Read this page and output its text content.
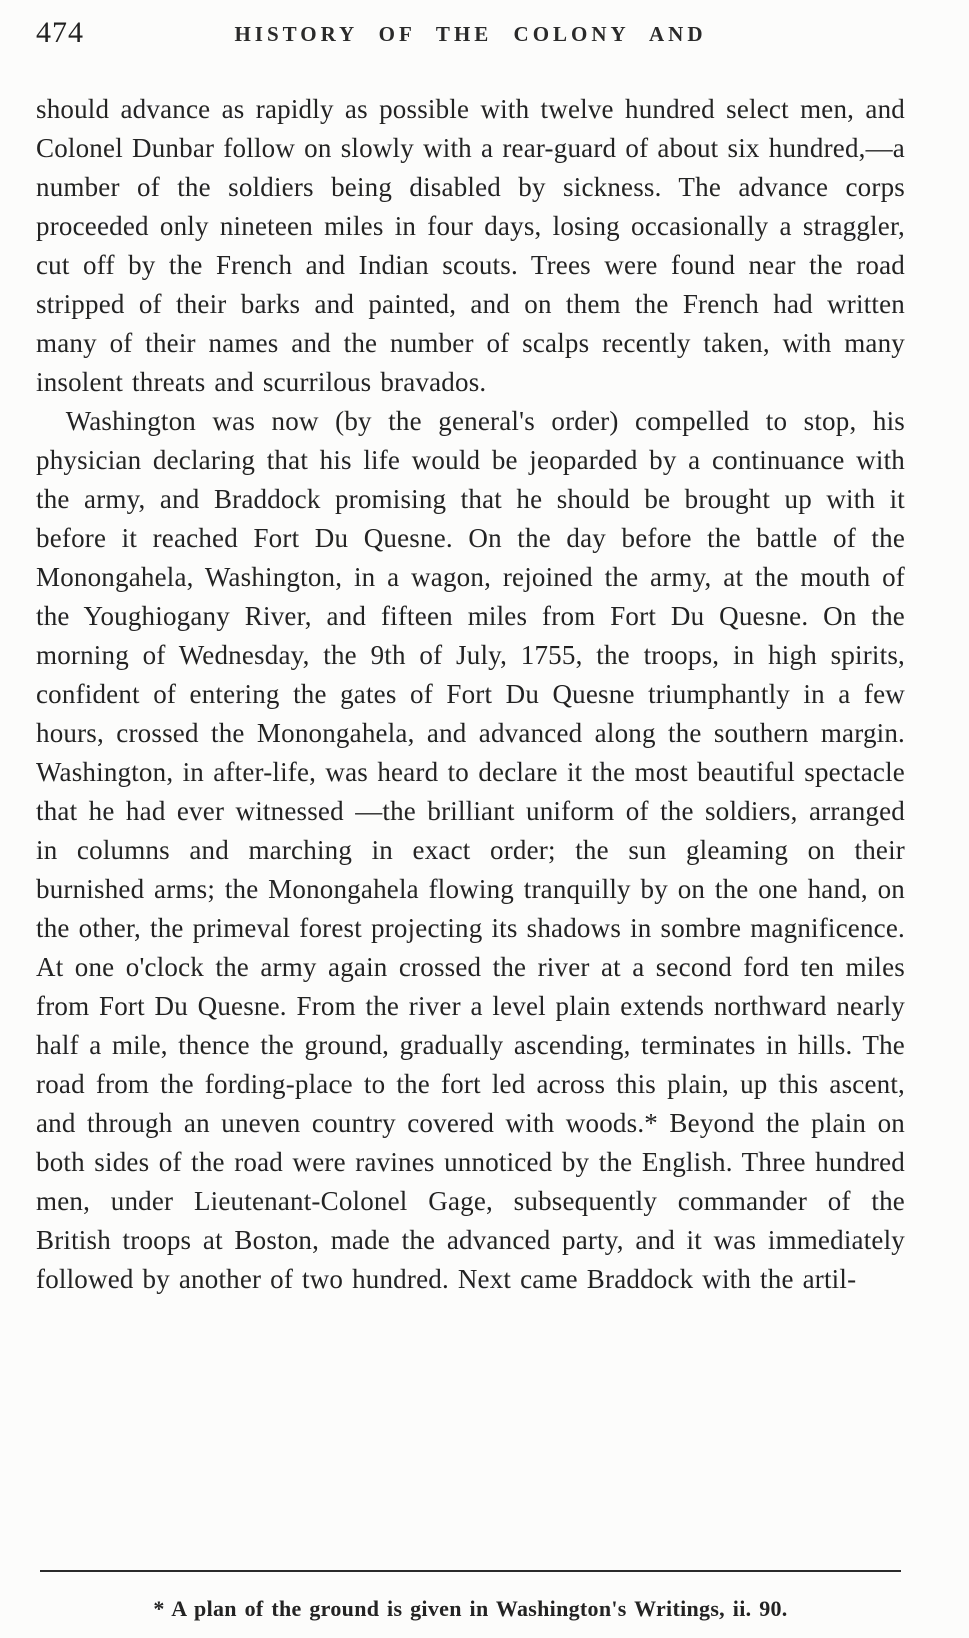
474	HISTORY OF THE COLONY AND

should advance as rapidly as possible with twelve hundred select men, and Colonel Dunbar follow on slowly with a rear-guard of about six hundred,—a number of the soldiers being disabled by sickness. The advance corps proceeded only nineteen miles in four days, losing occasionally a straggler, cut off by the French and Indian scouts. Trees were found near the road stripped of their barks and painted, and on them the French had written many of their names and the number of scalps recently taken, with many insolent threats and scurrilous bravados.

Washington was now (by the general's order) compelled to stop, his physician declaring that his life would be jeoparded by a continuance with the army, and Braddock promising that he should be brought up with it before it reached Fort Du Quesne. On the day before the battle of the Monongahela, Washington, in a wagon, rejoined the army, at the mouth of the Youghiogany River, and fifteen miles from Fort Du Quesne. On the morning of Wednesday, the 9th of July, 1755, the troops, in high spirits, confident of entering the gates of Fort Du Quesne triumphantly in a few hours, crossed the Monongahela, and advanced along the southern margin. Washington, in after-life, was heard to declare it the most beautiful spectacle that he had ever witnessed —the brilliant uniform of the soldiers, arranged in columns and marching in exact order; the sun gleaming on their burnished arms; the Monongahela flowing tranquilly by on the one hand, on the other, the primeval forest projecting its shadows in sombre magnificence. At one o'clock the army again crossed the river at a second ford ten miles from Fort Du Quesne. From the river a level plain extends northward nearly half a mile, thence the ground, gradually ascending, terminates in hills. The road from the fording-place to the fort led across this plain, up this ascent, and through an uneven country covered with woods.* Beyond the plain on both sides of the road were ravines unnoticed by the English. Three hundred men, under Lieutenant-Colonel Gage, subsequently commander of the British troops at Boston, made the advanced party, and it was immediately followed by another of two hundred. Next came Braddock with the artil-

* A plan of the ground is given in Washington's Writings, ii. 90.
